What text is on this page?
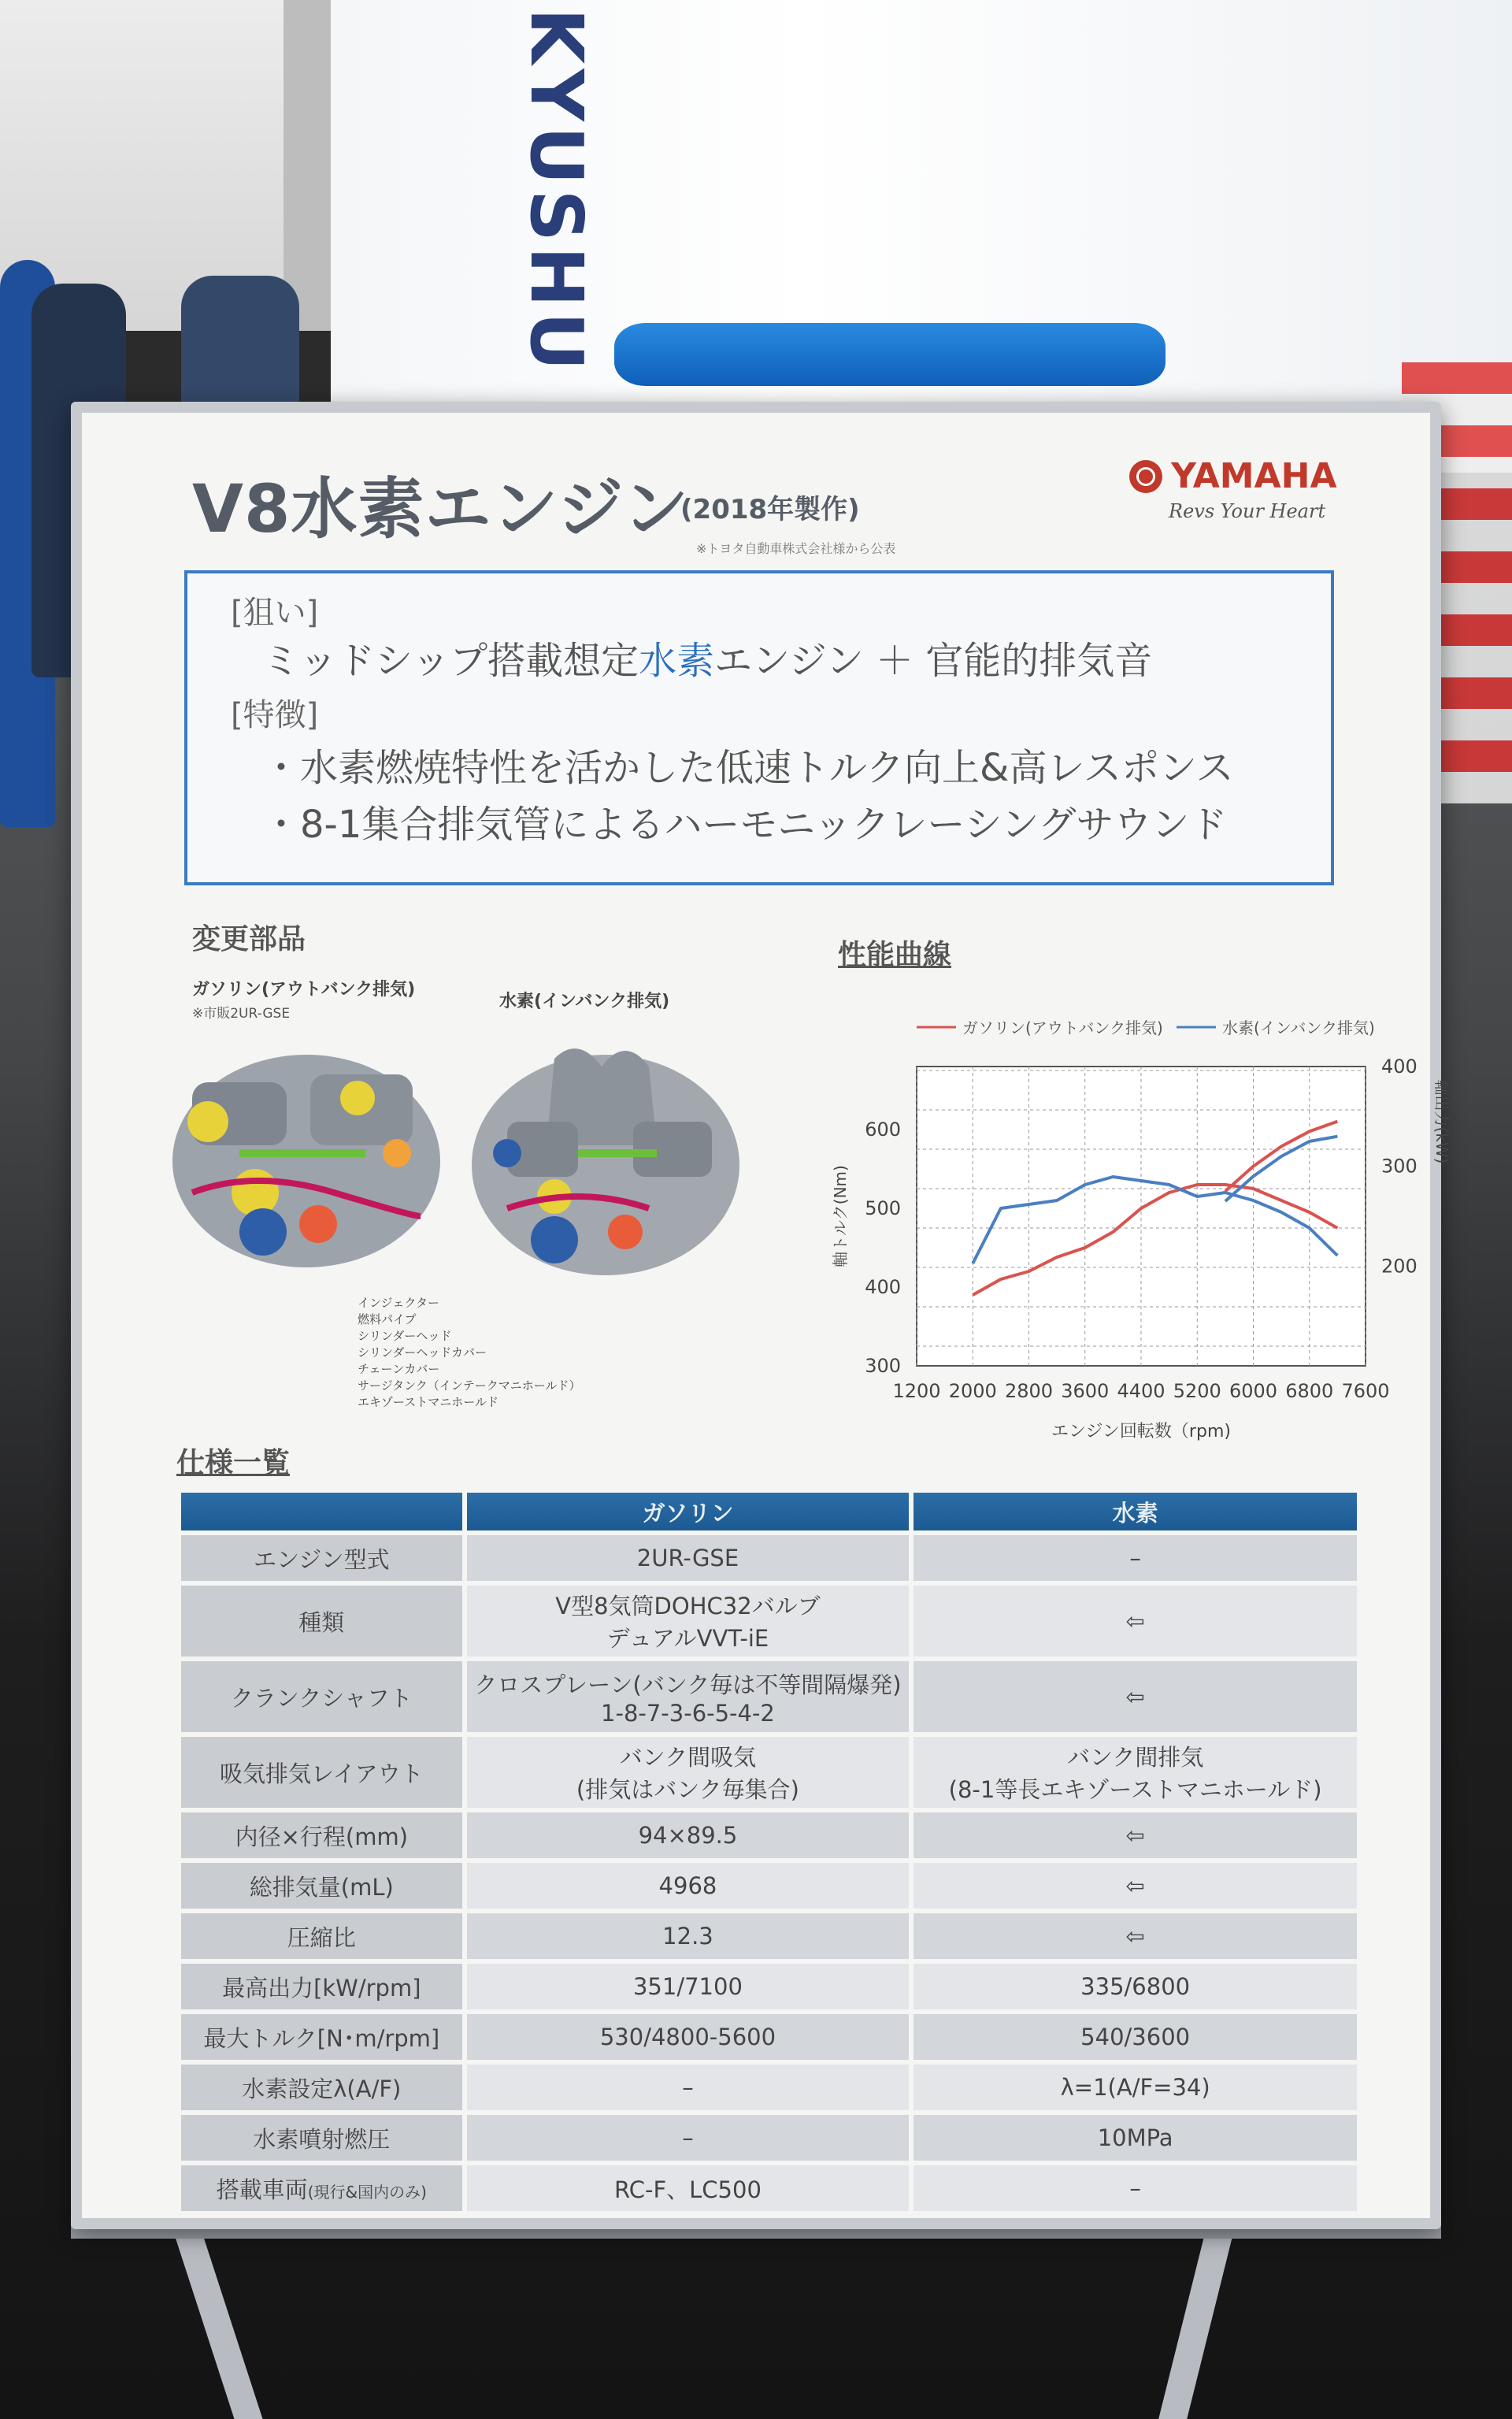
KYUSHU
V8水素エンジン
(2018年製作)
※トヨタ自動車株式会社様から公表
YAMAHA
Revs Your Heart
[狙い]
ミッドシップ搭載想定水素エンジン ＋ 官能的排気音
[特徴]
・水素燃焼特性を活かした低速トルク向上&高レスポンス
・8-1集合排気管によるハーモニックレーシングサウンド
変更部品
ガソリン(アウトバンク排気)
※市販2UR-GSE
水素(インバンク排気)
インジェクター
燃料パイプ
シリンダーヘッド
シリンダーヘッドカバー
チェーンカバー
サージタンク（インテークマニホールド）
エキゾーストマニホールド
性能曲線
1200 2000 2800 3600 4400 5200 6000 6800 7600
300
400
500
600
200
300
400
エンジン回転数（rpm)
軸トルク(Nm)
軸出力(kW)
ガソリン(アウトバンク排気)	水素(インバンク排気)
仕様一覧
	ガソリン	水素
エンジン型式	2UR-GSE	–
種類	V型8気筒DOHC32バルブ
デュアルVVT-iE	⇦
クランクシャフト	クロスプレーン(バンク毎は不等間隔爆発)
1-8-7-3-6-5-4-2	⇦
吸気排気レイアウト	バンク間吸気
(排気はバンク毎集合)	バンク間排気
(8-1等長エキゾーストマニホールド)
内径×行程(mm)	94×89.5	⇦
総排気量(mL)	4968	⇦
圧縮比	12.3	⇦
最高出力[kW/rpm]	351/7100	335/6800
最大トルク[N･m/rpm]	530/4800-5600	540/3600
水素設定λ(A/F)	–	λ=1(A/F=34)
水素噴射燃圧	–	10MPa
搭載車両(現行&国内のみ)	RC-F、LC500	–
